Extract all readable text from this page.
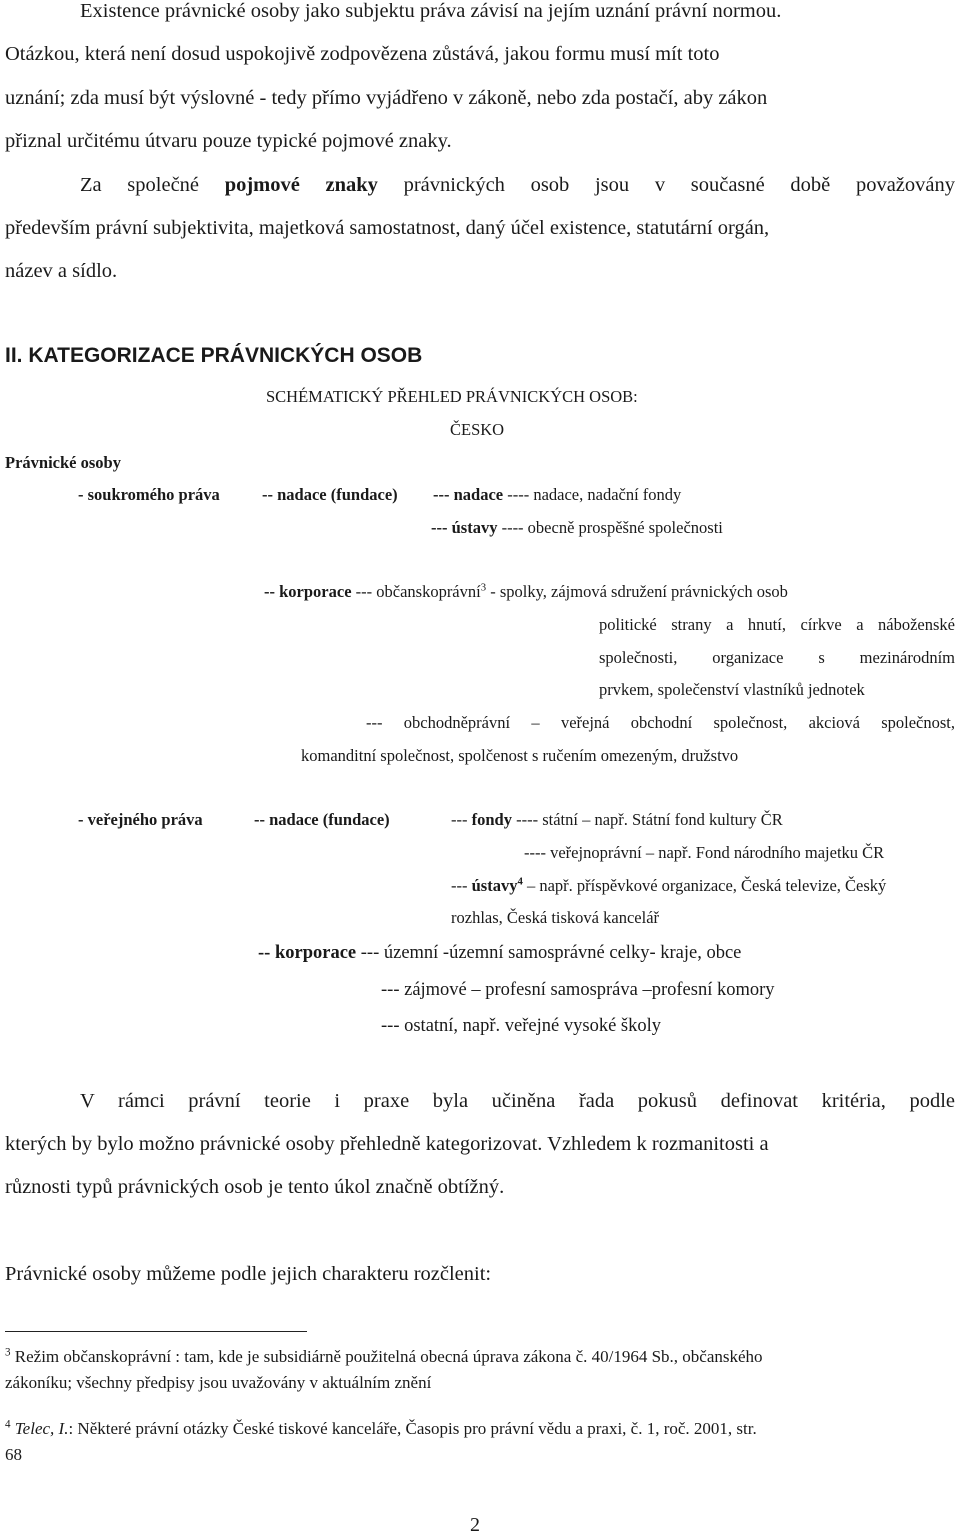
Existence právnické osoby jako subjektu práva závisí na jejím uznání právní normou.
Otázkou, která není dosud uspokojivě zodpovězena zůstává, jakou formu musí mít toto
uznání; zda musí být výslovné - tedy přímo vyjádřeno v zákoně, nebo zda postačí, aby zákon
přiznal určitému útvaru pouze typické pojmové znaky.
Za společné pojmové znaky právnických osob jsou v současné době považovány
především právní subjektivita, majetková samostatnost, daný účel existence, statutární orgán,
název a sídlo.
II. KATEGORIZACE PRÁVNICKÝCH OSOB
SCHÉMATICKÝ PŘEHLED PRÁVNICKÝCH OSOB:
ČESKO
Právnické osoby
- soukromého práva	-- nadace (fundace) --- nadace ---- nadace, nadační fondy
--- ústavy ---- obecně prospěšné společnosti
-- korporace --- občanskoprávní$^3$ - spolky, zájmová sdružení právnických osob
politické strany a hnutí, církve a náboženské
společnosti, organizace s mezinárodním
prvkem, společenství vlastníků jednotek
--- obchodněprávní – veřejná obchodní společnost, akciová společnost,
komanditní společnost, spolčenost s ručením omezeným, družstvo
- veřejného práva	-- nadace (fundace)	--- fondy ---- státní – např. Státní fond kultury ČR
---- veřejnoprávní – např. Fond národního majetku ČR
--- ústavy$^4$ – např. příspěvkové organizace, Česká televize, Český
rozhlas, Česká tisková kancelář
-- korporace --- územní -územní samosprávné celky- kraje, obce
--- zájmové – profesní samospráva –profesní komory
--- ostatní, např. veřejné vysoké školy
V rámci právní teorie i praxe byla učiněna řada pokusů definovat kritéria, podle
kterých by bylo možno právnické osoby přehledně kategorizovat. Vzhledem k rozmanitosti a
různosti typů právnických osob je tento úkol značně obtížný.
Právnické osoby můžeme podle jejich charakteru rozčlenit:
$^3$ Režim občanskoprávní : tam, kde je subsidiárně použitelná obecná úprava zákona č. 40/1964 Sb., občanského
zákoníku; všechny předpisy jsou uvažovány v aktuálním znění
$^4$ Telec, I.: Některé právní otázky České tiskové kanceláře, Časopis pro právní vědu a praxi, č. 1, roč. 2001, str.
68
2
